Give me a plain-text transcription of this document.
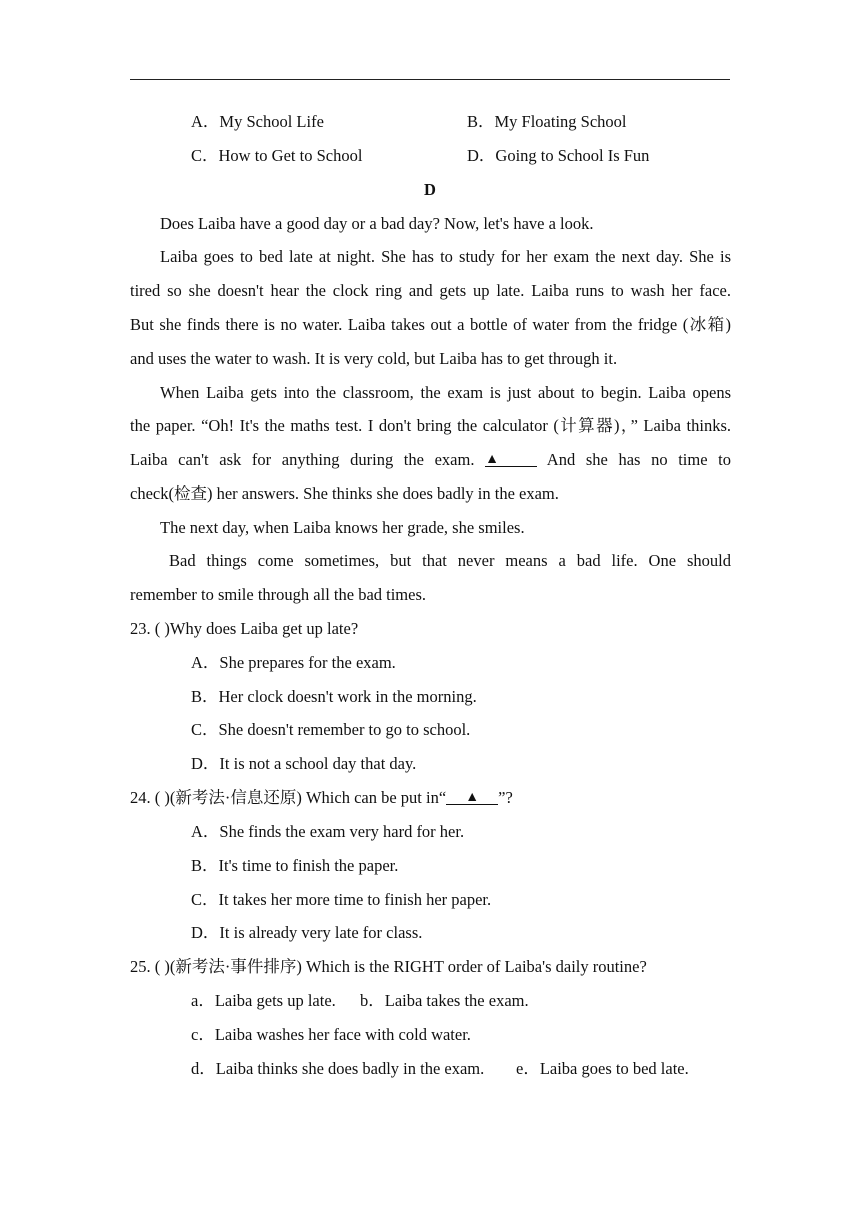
A．My School Life	B．My Floating School
C．How to Get to School	D．Going to School Is Fun
D
Does Laiba have a good day or a bad day? Now, let's have a look.
Laiba goes to bed late at night. She has to study for her exam the next day. She is
tired so she doesn't hear the clock ring and gets up late. Laiba runs to wash her face.
But she finds there is no water. Laiba takes out a bottle of water from the fridge (冰箱)
and uses the water to wash. It is very cold, but Laiba has to get through it.
When Laiba gets into the classroom, the exam is just about to begin. Laiba opens
the paper. “Oh! It's the maths test. I don't bring the calculator (计算器)，” Laiba thinks.
Laiba can't ask for anything during the exam. ▲	And she has no time to
check(检查) her answers. She thinks she does badly in the exam.
The next day, when Laiba knows her grade, she smiles.
Bad things come sometimes, but that never means a bad life. One should
remember to smile through all the bad times.
23. ( )Why does Laiba get up late?
A．She prepares for the exam.
B．Her clock doesn't work in the morning.
C．She doesn't remember to go to school.
D．It is not a school day that day.
24. ( )(新考法·信息还原) Which can be put in“	▲	”?
A．She finds the exam very hard for her.
B．It's time to finish the paper.
C．It takes her more time to finish her paper.
D．It is already very late for class.
25. ( )(新考法·事件排序) Which is the RIGHT order of Laiba's daily routine?
a．Laiba gets up late. b．Laiba takes the exam.
c．Laiba washes her face with cold water.
d．Laiba thinks she does badly in the exam. e．Laiba goes to bed late.
